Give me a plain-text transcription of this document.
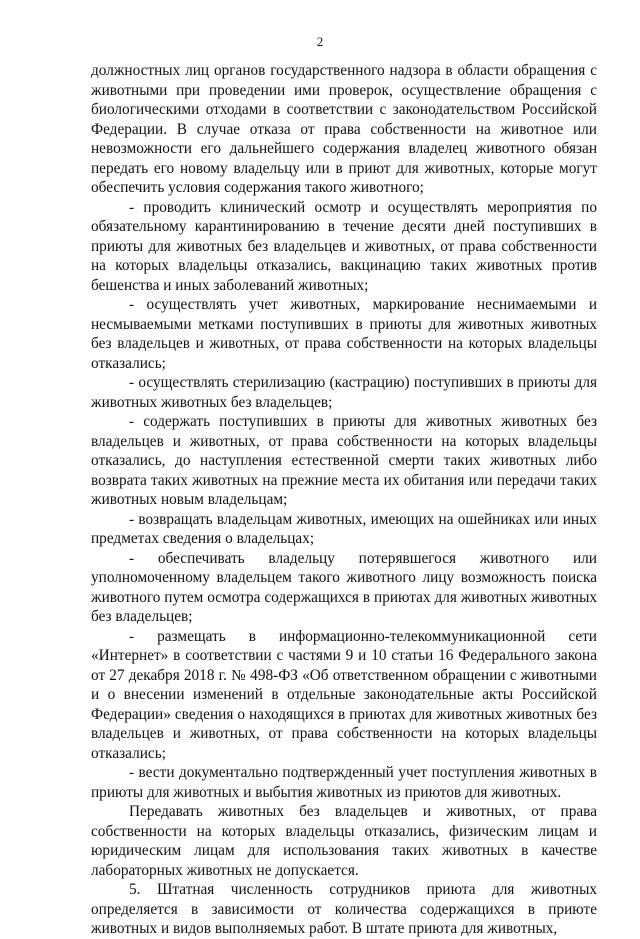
2

должностных лиц органов государственного надзора в области обращения с животными при проведении ими проверок, осуществление обращения с биологическими отходами в соответствии с законодательством Российской Федерации. В случае отказа от права собственности на животное или невозможности его дальнейшего содержания владелец животного обязан передать его новому владельцу или в приют для животных, которые могут обеспечить условия содержания такого животного;

- проводить клинический осмотр и осуществлять мероприятия по обязательному карантинированию в течение десяти дней поступивших в приюты для животных без владельцев и животных, от права собственности на которых владельцы отказались, вакцинацию таких животных против бешенства и иных заболеваний животных;

- осуществлять учет животных, маркирование неснимаемыми и несмываемыми метками поступивших в приюты для животных животных без владельцев и животных, от права собственности на которых владельцы отказались;

- осуществлять стерилизацию (кастрацию) поступивших в приюты для животных животных без владельцев;

- содержать поступивших в приюты для животных животных без владельцев и животных, от права собственности на которых владельцы отказались, до наступления естественной смерти таких животных либо возврата таких животных на прежние места их обитания или передачи таких животных новым владельцам;

- возвращать владельцам животных, имеющих на ошейниках или иных предметах сведения о владельцах;

- обеспечивать владельцу потерявшегося животного или уполномоченному владельцем такого животного лицу возможность поиска животного путем осмотра содержащихся в приютах для животных животных без владельцев;

- размещать в информационно-телекоммуникационной сети «Интернет» в соответствии с частями 9 и 10 статьи 16 Федерального закона от 27 декабря 2018 г. № 498-ФЗ «Об ответственном обращении с животными и о внесении изменений в отдельные законодательные акты Российской Федерации» сведения о находящихся в приютах для животных животных без владельцев и животных, от права собственности на которых владельцы отказались;

- вести документально подтвержденный учет поступления животных в приюты для животных и выбытия животных из приютов для животных.

Передавать животных без владельцев и животных, от права собственности на которых владельцы отказались, физическим лицам и юридическим лицам для использования таких животных в качестве лабораторных животных не допускается.

5. Штатная численность сотрудников приюта для животных определяется в зависимости от количества содержащихся в приюте животных и видов выполняемых работ. В штате приюта для животных,
